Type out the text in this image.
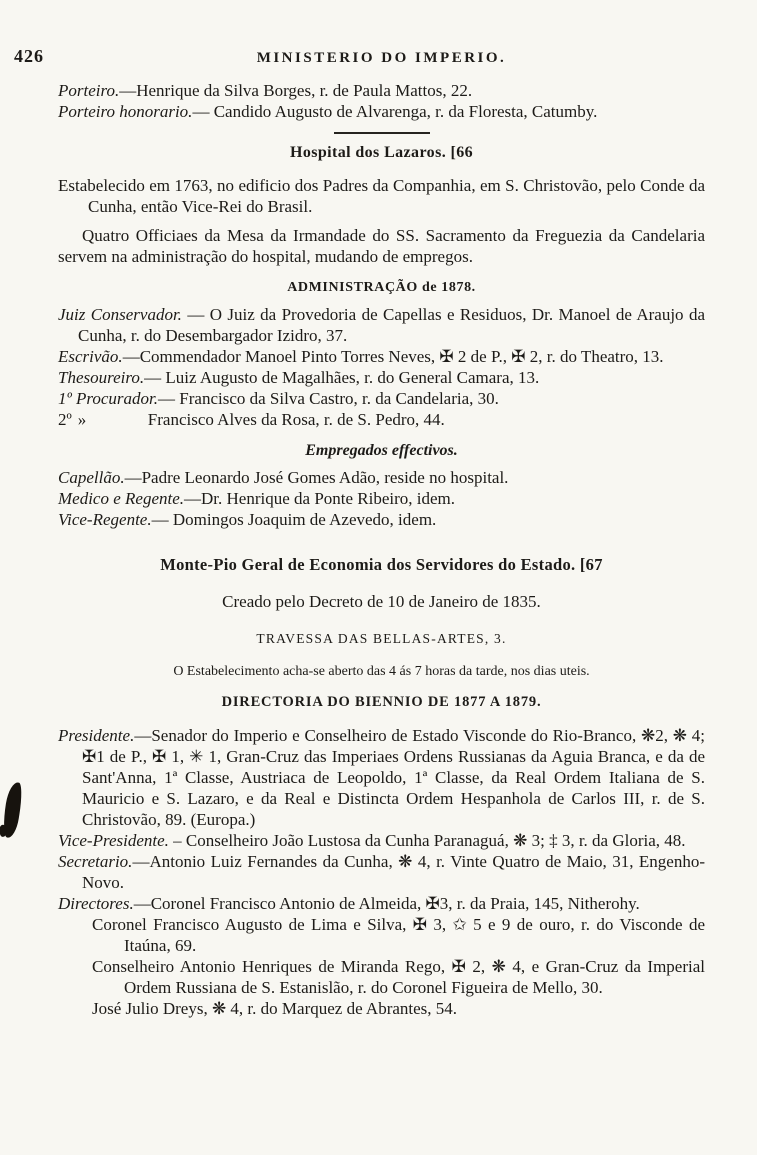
426	MINISTERIO DO IMPERIO.

Porteiro.—Henrique da Silva Borges, r. de Paula Mattos, 22.

Porteiro honorario.— Candido Augusto de Alvarenga, r. da Floresta, Catumby.

Hospital dos Lazaros. [66

Estabelecido em 1763, no edificio dos Padres da Companhia, em S. Christovão, pelo Conde da Cunha, então Vice-Rei do Brasil.

Quatro Officiaes da Mesa da Irmandade do SS. Sacramento da Freguezia da Candelaria servem na administração do hospital, mudando de empregos.

ADMINISTRAÇÃO de 1878.

Juiz Conservador. — O Juiz da Provedoria de Capellas e Residuos, Dr. Manoel de Araujo da Cunha, r. do Desembargador Izidro, 37.

Escrivão.—Commendador Manoel Pinto Torres Neves, ✠ 2 de P., ✠ 2, r. do Theatro, 13.

Thesoureiro.— Luiz Augusto de Magalhães, r. do General Camara, 13.

1º Procurador.— Francisco da Silva Castro, r. da Candelaria, 30.

2º »	Francisco Alves da Rosa, r. de S. Pedro, 44.

Empregados effectivos.

Capellão.—Padre Leonardo José Gomes Adão, reside no hospital.

Medico e Regente.—Dr. Henrique da Ponte Ribeiro, idem.

Vice-Regente.— Domingos Joaquim de Azevedo, idem.

Monte-Pio Geral de Economia dos Servidores do Estado. [67

Creado pelo Decreto de 10 de Janeiro de 1835.

TRAVESSA DAS BELLAS-ARTES, 3.

O Estabelecimento acha-se aberto das 4 ás 7 horas da tarde, nos dias uteis.

DIRECTORIA DO BIENNIO DE 1877 A 1879.

Presidente.—Senador do Imperio e Conselheiro de Estado Visconde do Rio-Branco, ❋2, ❋ 4; ✠1 de P., ✠ 1, ✳ 1, Gran-Cruz das Imperiaes Ordens Russianas da Aguia Branca, e da de Sant'Anna, 1ª Classe, Austriaca de Leopoldo, 1ª Classe, da Real Ordem Italiana de S. Mauricio e S. Lazaro, e da Real e Distincta Ordem Hespanhola de Carlos III, r. de S. Christovão, 89. (Europa.)

Vice-Presidente. – Conselheiro João Lustosa da Cunha Paranaguá, ❋ 3; ‡ 3, r. da Gloria, 48.

Secretario.—Antonio Luiz Fernandes da Cunha, ❋ 4, r. Vinte Quatro de Maio, 31, Engenho-Novo.

Directores.—Coronel Francisco Antonio de Almeida, ✠3, r. da Praia, 145, Nitherohy.

Coronel Francisco Augusto de Lima e Silva, ✠ 3, ✩ 5 e 9 de ouro, r. do Visconde de Itaúna, 69.

Conselheiro Antonio Henriques de Miranda Rego, ✠ 2, ❋ 4, e Gran-Cruz da Imperial Ordem Russiana de S. Estanislão, r. do Coronel Figueira de Mello, 30.

José Julio Dreys, ❋ 4, r. do Marquez de Abrantes, 54.
